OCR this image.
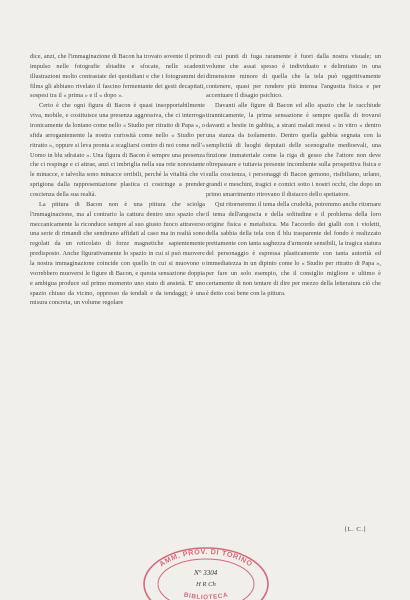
dice, anzi, che l'immaginazione di Bacon ha trovato sovente il primo impulso nelle fotografie sbiadite e sfocate, nelle scadenti illustrazioni molto contrastate dei quotidiani e che i fotogrammi dei films gli abbiano rivelato il fascino fermentante dei gesti decapitati, sospesi tra il « prima » e il « dopo ».

Certo è che ogni figura di Bacon è quasi insopportabilmente viva, mobile, e costituisce una presenza aggressiva, che ci interroga ironicamente da lontano come nello « Studio per ritratto di Papa », o sfida arrogantemente la nostra curiosità come nello « Studio per ritratto », oppure si leva pronta a scagliarsi contro di noi come nell'« Uomo in blu sdraiato ». Una figura di Bacon è sempre una presenza che ci respinge e ci attrae, anzi ci imbriglia nella sua rete nonostante le minacce, e talvolta sono minacce orribili, perché la vitalità che vi sprigiona dalla rappresentazione plastica ci costringe a prender coscienza della sua realtà.

La pittura di Bacon non è una pittura che sciolga l'immaginazione, ma al contrario la cattura dentro uno spazio che meccanicamente la riconduce sempre al suo giusto fuoco attraverso una serie di rimandi che sembrano affidati al caso ma in realtà sono regolati da un reticolato di forze magnetiche sapientemente predisposto. Anche figurativamente lo spazio in cui si può muovere la nostra immaginazione coincide con quello in cui si muovono o vorrebbero muoversi le figure di Bacon, e questa sensazione doppia e ambigua produce sul primo momento uno stato di ansietà. E' uno spazio chiuso da vicino, oppresso da tendali e da tendaggi; è una misura concreta, un volume regolare

di cui punti di fuga raramente è fuori dalla nostra visuale; un volume che assai spesso è individuato e delimitato in una dimensione minore di quella che la tela può oggettivamente contenere, quasi per rendere più intensa l'angustia fisica e per accentuare il disagio psichico.

Davanti alle figure di Bacon ed allo spazio che le racchiude tirannicamente, la prima sensazione è sempre quella di trovarsi davanti a bestie in gabbia, a strani malati messi « in vitro » dentro una stanza da isolamento. Dentro quella gabbia segnata con la semplicità di luoghi deputati delle scenografie medioevali, una finzione immateriale come la riga di gesso che l'attore non deve oltrepassare e tuttavia presente incombente sulla prospettiva fisica e sulla coscienza, i personaggi di Bacon gemono, risibiliano, urlano, grandi e meschini, tragici e comici sotto i nostri occhi, che dopo un primo smarrimento ritrovano il distacco dello spettatore.

Qui ritorneremo il tema della crudeltà, potremmo anche ritornare il tema dell'angoscia e della solitudine e il problema della loro origine fisica e metafisica. Ma l'accordo dei gialli con i violetti, della sabbia della tela con il blu trasparente del fondo è realizzato prettamente con tanta saghezza d'armonie sensibili, la tragica statura del personaggio è espressa plasticamente con tanta autorità ed immediatezza in un dipinto come lo « Studio per ritratto di Papa », per fare un solo esempio, che il consiglio migliore e ultimo è certamente di non tentare di dire per mezzo della letteratura ciò che è detto così bene con la pittura.

[L. C.]
AMM. PROV. DI TORINO
BIBLIOTECA
N° 3304
H R Ch
